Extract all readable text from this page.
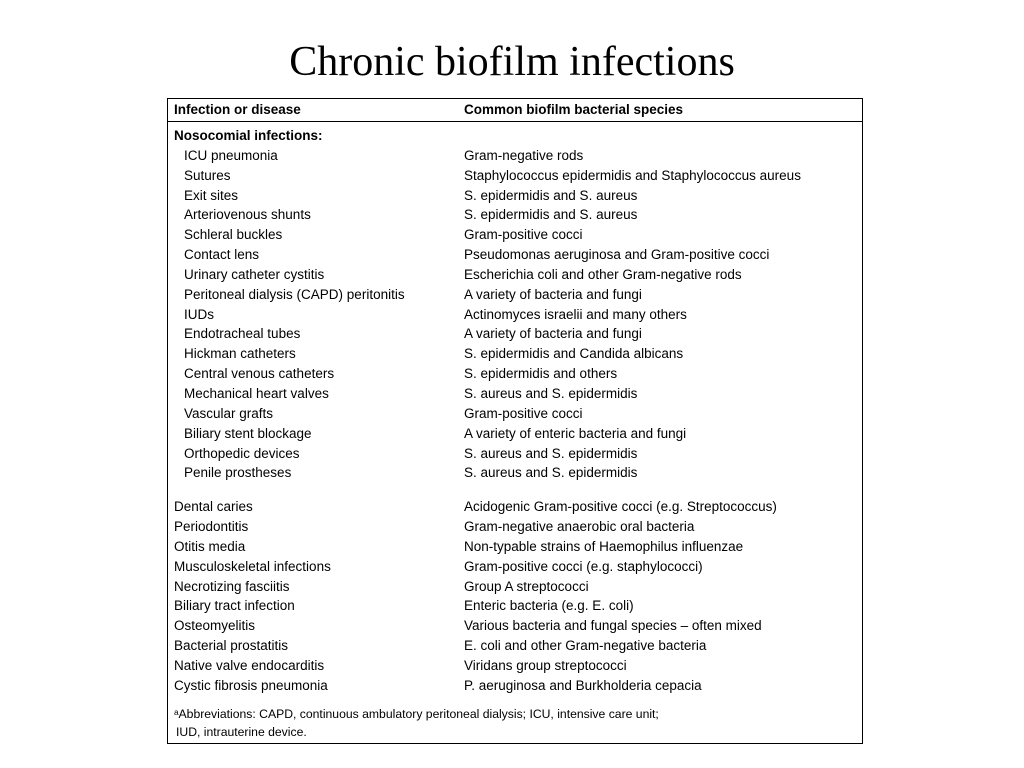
Chronic biofilm infections
Infection or disease	Common biofilm bacterial species
Nosocomial infections:
ICU pneumonia	Gram-negative rods
Sutures	Staphylococcus epidermidis and Staphylococcus aureus
Exit sites	S. epidermidis and S. aureus
Arteriovenous shunts	S. epidermidis and S. aureus
Schleral buckles	Gram-positive cocci
Contact lens	Pseudomonas aeruginosa and Gram-positive cocci
Urinary catheter cystitis	Escherichia coli and other Gram-negative rods
Peritoneal dialysis (CAPD) peritonitis	A variety of bacteria and fungi
IUDs	Actinomyces israelii and many others
Endotracheal tubes	A variety of bacteria and fungi
Hickman catheters	S. epidermidis and Candida albicans
Central venous catheters	S. epidermidis and others
Mechanical heart valves	S. aureus and S. epidermidis
Vascular grafts	Gram-positive cocci
Biliary stent blockage	A variety of enteric bacteria and fungi
Orthopedic devices	S. aureus and S. epidermidis
Penile prostheses	S. aureus and S. epidermidis
Dental caries	Acidogenic Gram-positive cocci (e.g. Streptococcus)
Periodontitis	Gram-negative anaerobic oral bacteria
Otitis media	Non-typable strains of Haemophilus influenzae
Musculoskeletal infections	Gram-positive cocci (e.g. staphylococci)
Necrotizing fasciitis	Group A streptococci
Biliary tract infection	Enteric bacteria (e.g. E. coli)
Osteomyelitis	Various bacteria and fungal species – often mixed
Bacterial prostatitis	E. coli and other Gram-negative bacteria
Native valve endocarditis	Viridans group streptococci
Cystic fibrosis pneumonia	P. aeruginosa and Burkholderia cepacia
ᵃAbbreviations: CAPD, continuous ambulatory peritoneal dialysis; ICU, intensive care unit;
IUD, intrauterine device.
